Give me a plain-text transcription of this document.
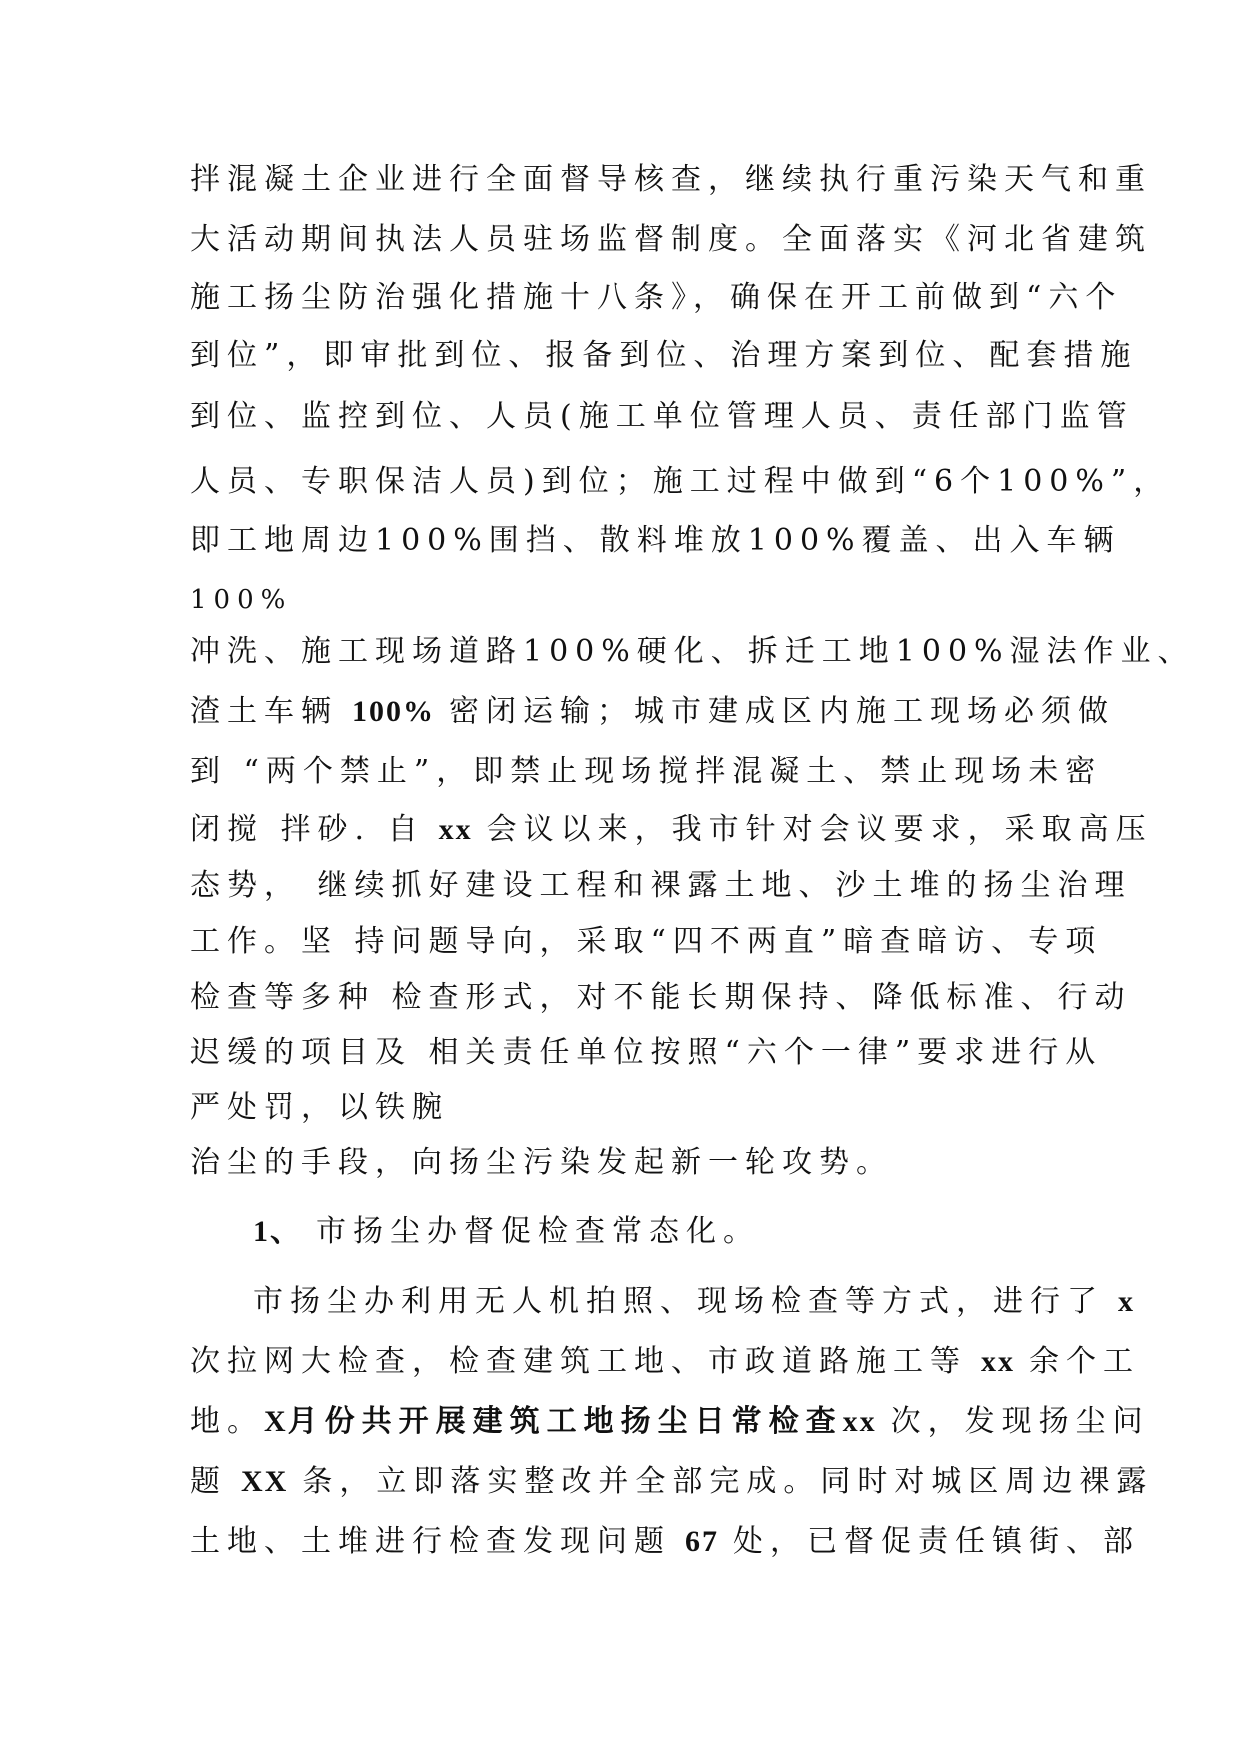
拌混凝土企业进行全面督导核查，继续执行重污染天气和重

大活动期间执法人员驻场监督制度。全面落实《河北省建筑

施工扬尘防治强化措施十八条》，确保在开工前做到“六个

到位”，即审批到位、报备到位、治理方案到位、配套措施

到位、监控到位、人员(施工单位管理人员、责任部门监管

人员、专职保洁人员)到位；施工过程中做到“6个100%”，

即工地周边100%围挡、散料堆放100%覆盖、出入车辆

100%

冲洗、施工现场道路100%硬化、拆迁工地100%湿法作业、

渣土车辆 100% 密闭运输；城市建成区内施工现场必须做

到 “两个禁止”，即禁止现场搅拌混凝土、禁止现场未密

闭搅 拌砂. 自 xx 会议以来，我市针对会议要求，采取高压

态势， 继续抓好建设工程和裸露土地、沙土堆的扬尘治理

工作。坚 持问题导向，采取“四不两直”暗查暗访、专项

检查等多种 检查形式，对不能长期保持、降低标准、行动

迟缓的项目及 相关责任单位按照“六个一律”要求进行从

严处罚，以铁腕

治尘的手段，向扬尘污染发起新一轮攻势。

1、 市扬尘办督促检查常态化。

市扬尘办利用无人机拍照、现场检查等方式，进行了 x

次拉网大检查，检查建筑工地、市政道路施工等 xx 余个工

地。X月份共开展建筑工地扬尘日常检查xx 次，发现扬尘问

题 XX 条，立即落实整改并全部完成。同时对城区周边裸露

土地、土堆进行检查发现问题 67 处，已督促责任镇街、部
